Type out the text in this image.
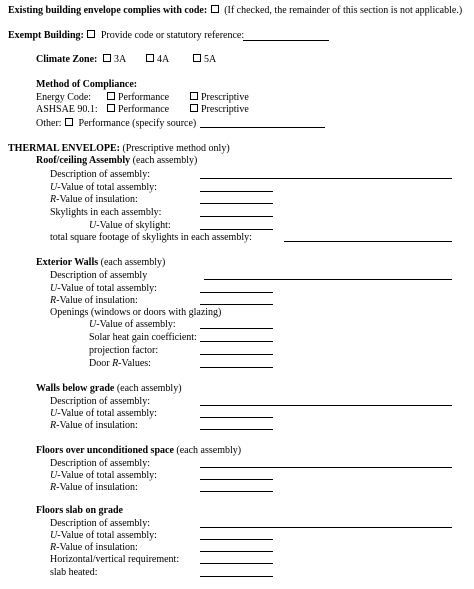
Existing building envelope complies with code: (If checked, the remainder of this section is not applicable.)
Exempt Building: Provide code or statutory reference:
Climate Zone:	3A	4A	5A
Method of Compliance:
Energy Code:	Performance	Prescriptive
ASHSAE 90.1:	Performance	Prescriptive
Other: Performance (specify source)
THERMAL ENVELOPE: (Prescriptive method only)
Roof/ceiling Assembly (each assembly)
Description of assembly:
U-Value of total assembly:
R-Value of insulation:
Skylights in each assembly:
U-Value of skylight:
total square footage of skylights in each assembly:
Exterior Walls (each assembly)
Description of assembly
U-Value of total assembly:
R-Value of insulation:
Openings (windows or doors with glazing)
U-Value of assembly:
Solar heat gain coefficient:
projection factor:
Door R-Values:
Walls below grade (each assembly)
Description of assembly:
U-Value of total assembly:
R-Value of insulation:
Floors over unconditioned space (each assembly)
Description of assembly:
U-Value of total assembly:
R-Value of insulation:
Floors slab on grade
Description of assembly:
U-Value of total assembly:
R-Value of insulation:
Horizontal/vertical requirement:
slab heated:
